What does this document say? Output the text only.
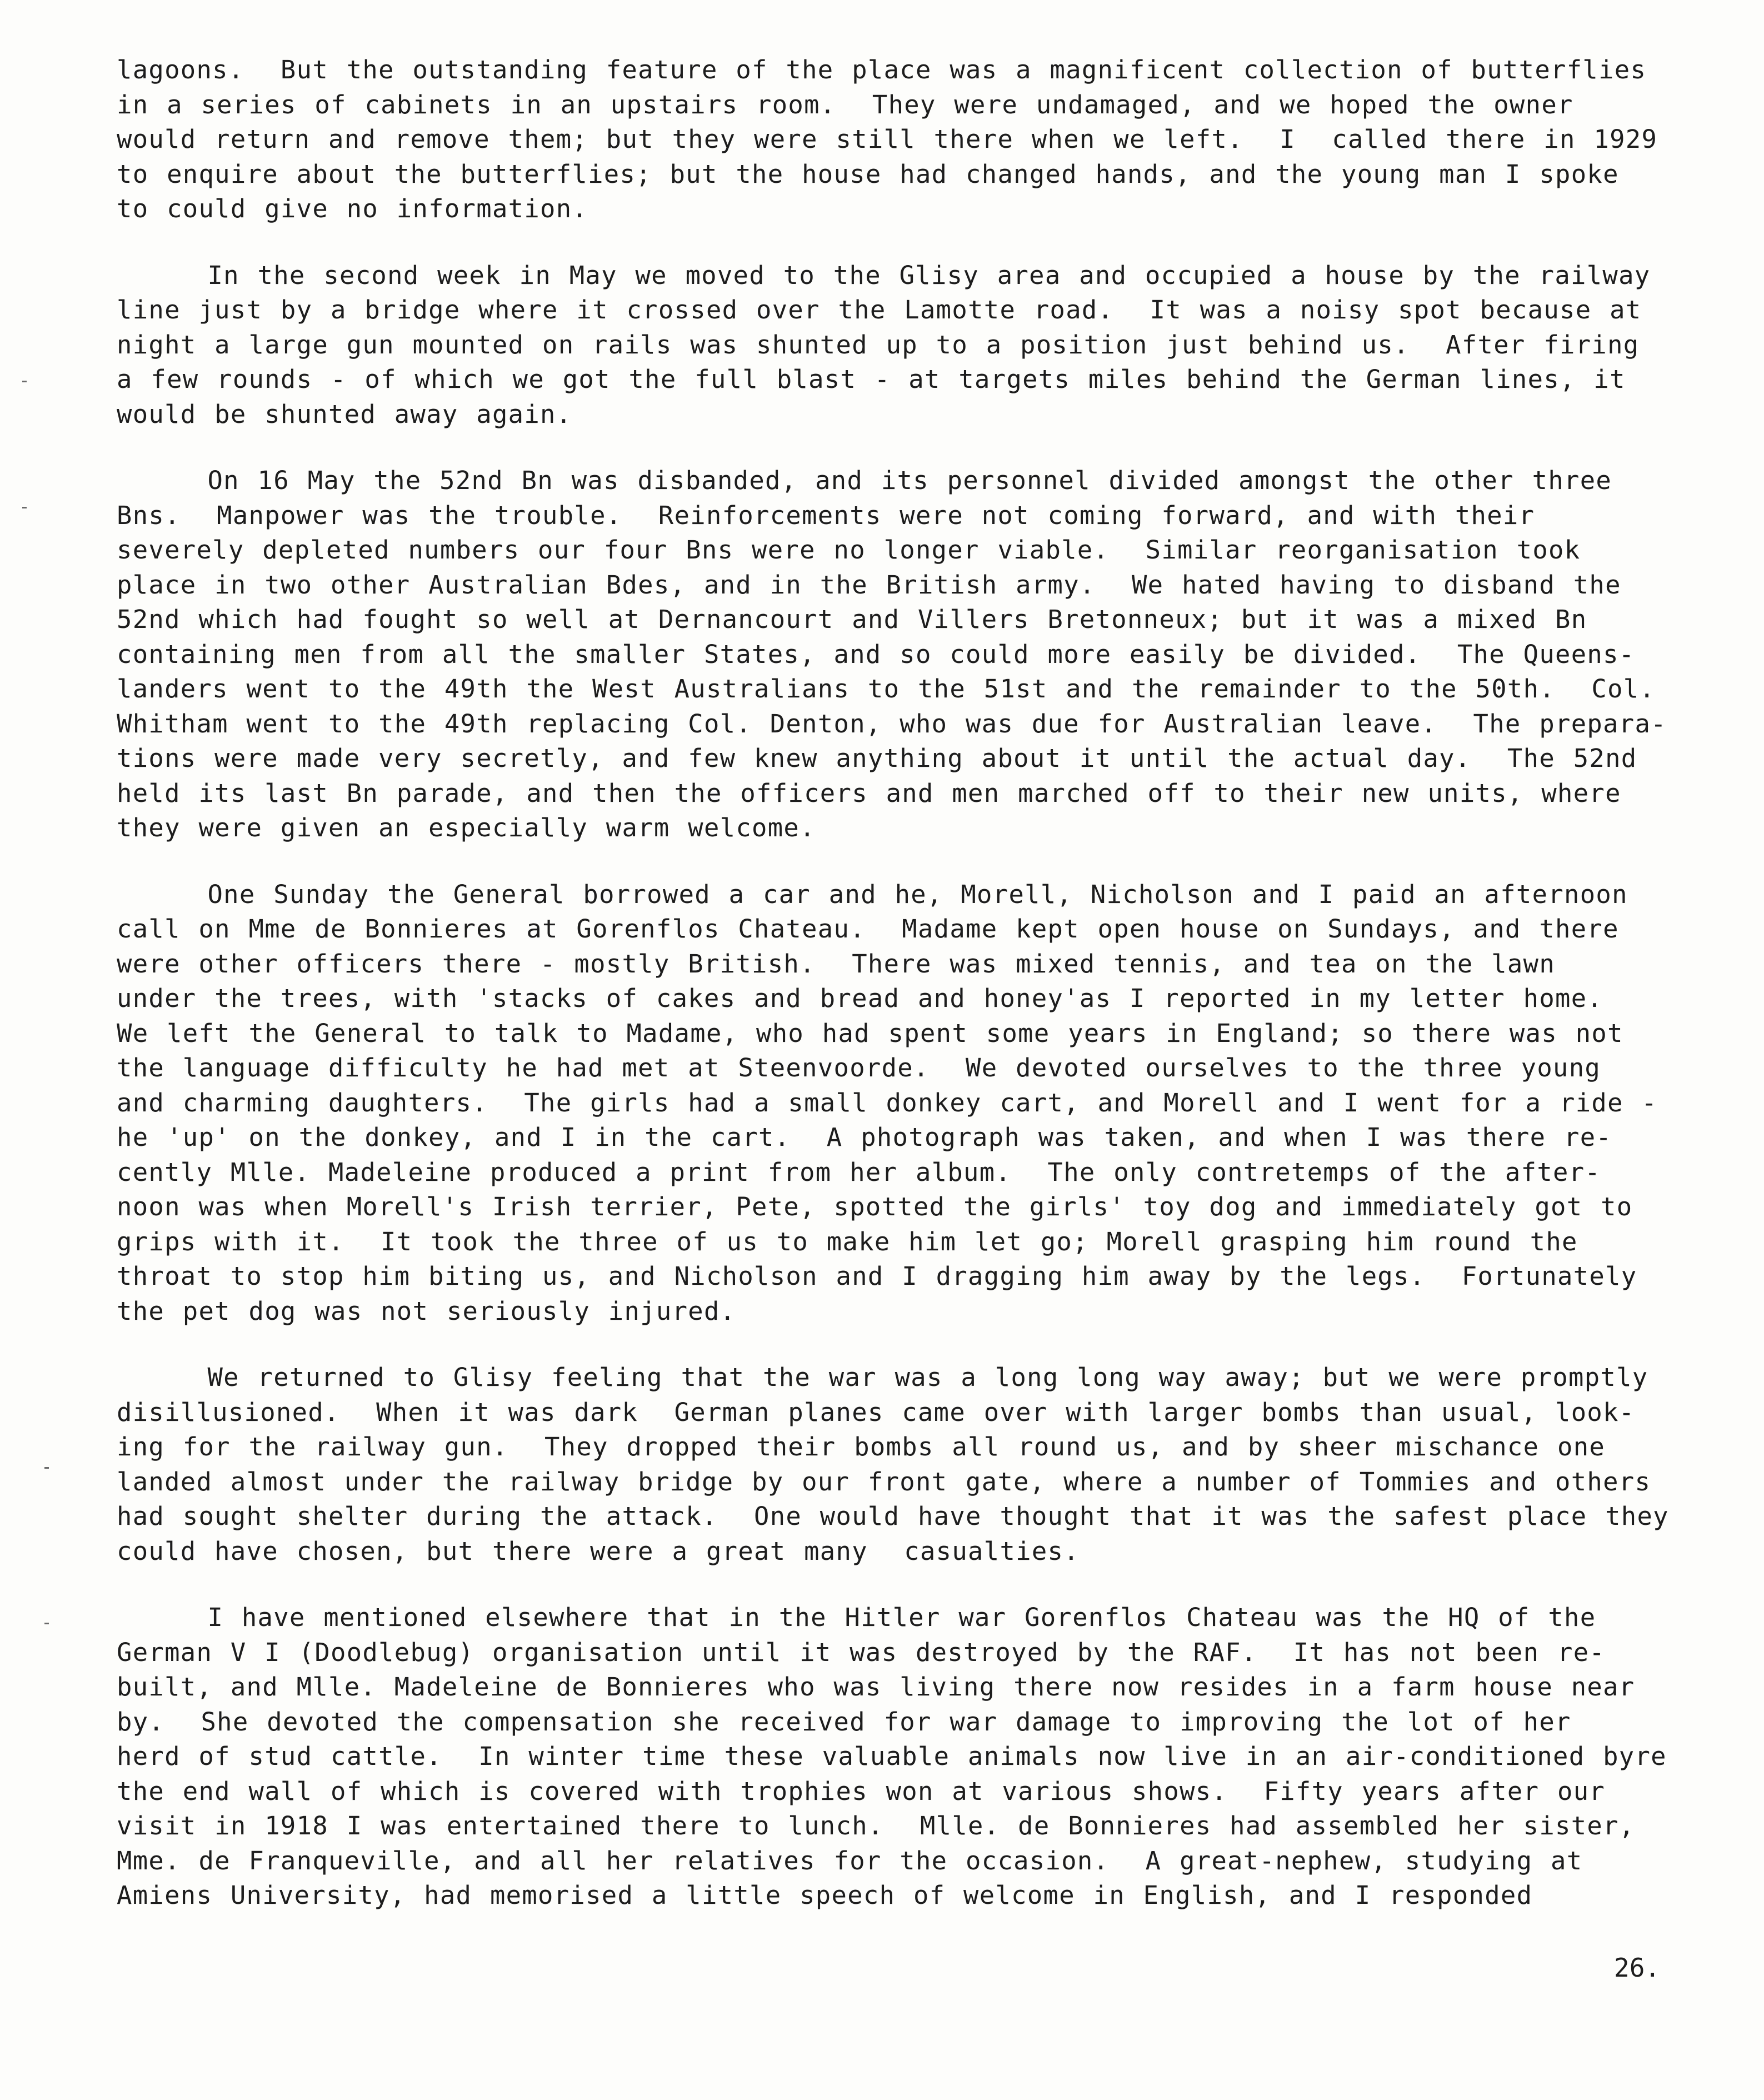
lagoons.  But the outstanding feature of the place was a magnificent collection of butterflies
in a series of cabinets in an upstairs room.  They were undamaged, and we hoped the owner
would return and remove them; but they were still there when we left.  I  called there in 1929
to enquire about the butterflies; but the house had changed hands, and the young man I spoke
to could give no information.

In the second week in May we moved to the Glisy area and occupied a house by the railway
line just by a bridge where it crossed over the Lamotte road.  It was a noisy spot because at
night a large gun mounted on rails was shunted up to a position just behind us.  After firing
a few rounds - of which we got the full blast - at targets miles behind the German lines, it
would be shunted away again.

On 16 May the 52nd Bn was disbanded, and its personnel divided amongst the other three
Bns.  Manpower was the trouble.  Reinforcements were not coming forward, and with their
severely depleted numbers our four Bns were no longer viable.  Similar reorganisation took
place in two other Australian Bdes, and in the British army.  We hated having to disband the
52nd which had fought so well at Dernancourt and Villers Bretonneux; but it was a mixed Bn
containing men from all the smaller States, and so could more easily be divided.  The Queens-
landers went to the 49th the West Australians to the 51st and the remainder to the 50th.  Col.
Whitham went to the 49th replacing Col. Denton, who was due for Australian leave.  The prepara-
tions were made very secretly, and few knew anything about it until the actual day.  The 52nd
held its last Bn parade, and then the officers and men marched off to their new units, where
they were given an especially warm welcome.

One Sunday the General borrowed a car and he, Morell, Nicholson and I paid an afternoon
call on Mme de Bonnieres at Gorenflos Chateau.  Madame kept open house on Sundays, and there
were other officers there - mostly British.  There was mixed tennis, and tea on the lawn
under the trees, with 'stacks of cakes and bread and honey'as I reported in my letter home.
We left the General to talk to Madame, who had spent some years in England; so there was not
the language difficulty he had met at Steenvoorde.  We devoted ourselves to the three young
and charming daughters.  The girls had a small donkey cart, and Morell and I went for a ride -
he 'up' on the donkey, and I in the cart.  A photograph was taken, and when I was there re-
cently Mlle. Madeleine produced a print from her album.  The only contretemps of the after-
noon was when Morell's Irish terrier, Pete, spotted the girls' toy dog and immediately got to
grips with it.  It took the three of us to make him let go; Morell grasping him round the
throat to stop him biting us, and Nicholson and I dragging him away by the legs.  Fortunately
the pet dog was not seriously injured.

We returned to Glisy feeling that the war was a long long way away; but we were promptly
disillusioned.  When it was dark  German planes came over with larger bombs than usual, look-
ing for the railway gun.  They dropped their bombs all round us, and by sheer mischance one
landed almost under the railway bridge by our front gate, where a number of Tommies and others
had sought shelter during the attack.  One would have thought that it was the safest place they
could have chosen, but there were a great many  casualties.

I have mentioned elsewhere that in the Hitler war Gorenflos Chateau was the HQ of the
German V I (Doodlebug) organisation until it was destroyed by the RAF.  It has not been re-
built, and Mlle. Madeleine de Bonnieres who was living there now resides in a farm house near
by.  She devoted the compensation she received for war damage to improving the lot of her
herd of stud cattle.  In winter time these valuable animals now live in an air-conditioned byre
the end wall of which is covered with trophies won at various shows.  Fifty years after our
visit in 1918 I was entertained there to lunch.  Mlle. de Bonnieres had assembled her sister,
Mme. de Franqueville, and all her relatives for the occasion.  A great-nephew, studying at
Amiens University, had memorised a little speech of welcome in English, and I responded

26.
